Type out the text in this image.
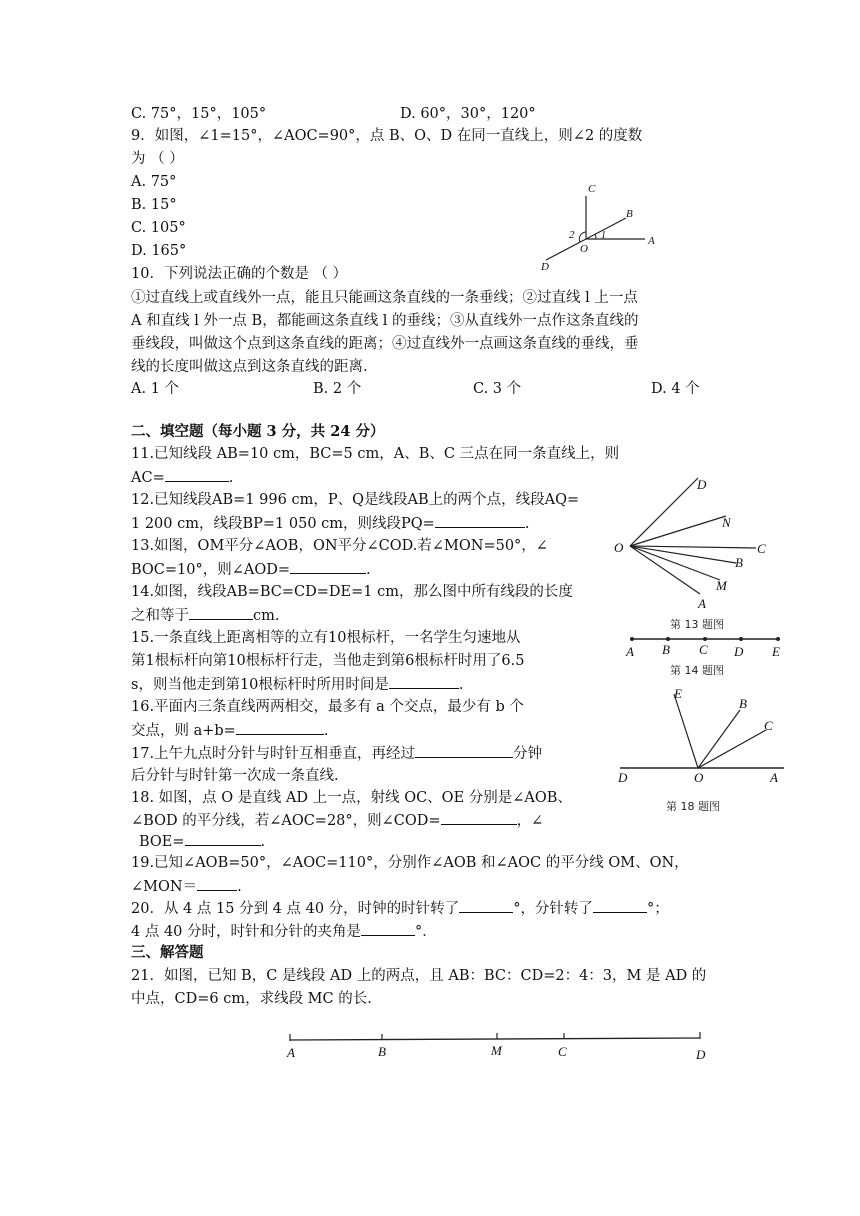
C. 75°，15°，105°	D. 60°，30°，120°
9．如图，∠1=15°，∠AOC=90°，点 B、O、D 在同一直线上，则∠2 的度数
为 （ ）
A. 75°
B. 15°
C. 105°
D. 165°
C
B
2	1	A
O
D
10．下列说法正确的个数是 （ ）
①过直线上或直线外一点，能且只能画这条直线的一条垂线；②过直线 l 上一点
A 和直线 l 外一点 B，都能画这条直线 l 的垂线；③从直线外一点作这条直线的
垂线段，叫做这个点到这条直线的距离；④过直线外一点画这条直线的垂线，垂
线的长度叫做这点到这条直线的距离.
A. 1 个	B. 2 个	C. 3 个	D. 4 个
二、填空题（每小题 3 分，共 24 分）
11.已知线段 AB=10 cm，BC=5 cm，A、B、C 三点在同一条直线上，则
AC=	.
12.已知线段AB=1 996 cm，P、Q是线段AB上的两个点，线段AQ=
1 200 cm，线段BP=1 050 cm，则线段PQ=	.
13.如图，OM平分∠AOB，ON平分∠COD.若∠MON=50°，∠
BOC=10°，则∠AOD=	.
14.如图，线段AB=BC=CD=DE=1 cm，那么图中所有线段的长度
之和等于	cm.
15.一条直线上距离相等的立有10根标杆，一名学生匀速地从
第1根标杆向第10根标杆行走，当他走到第6根标杆时用了6.5
s，则当他走到第10根标杆时所用时间是	.
16.平面内三条直线两两相交，最多有 a 个交点，最少有 b 个
交点，则 a+b=	.
17.上午九点时分针与时针互相垂直，再经过	分钟
后分针与时针第一次成一条直线.
18. 如图，点 O 是直线 AD 上一点，射线 OC、OE 分别是∠AOB、
∠BOD 的平分线，若∠AOC=28°，则∠COD=	，∠
BOE=	.
19.已知∠AOB=50°，∠AOC=110°，分别作∠AOB 和∠AOC 的平分线 OM、ON，
∠MON＝	.
20．从 4 点 15 分到 4 点 40 分，时钟的时针转了	°，分针转了	°；
4 点 40 分时，时针和分针的夹角是	°．
三、解答题
21．如图，已知 B，C 是线段 AD 上的两点，且 AB：BC：CD=2：4：3，M 是 AD 的
中点，CD=6 cm，求线段 MC 的长.
D
N
O	C
B
M
A
第 13 题图
A B C D E
第 14 题图
E
B
C
D	O	A
第 18 题图
A	B	M	C	D
